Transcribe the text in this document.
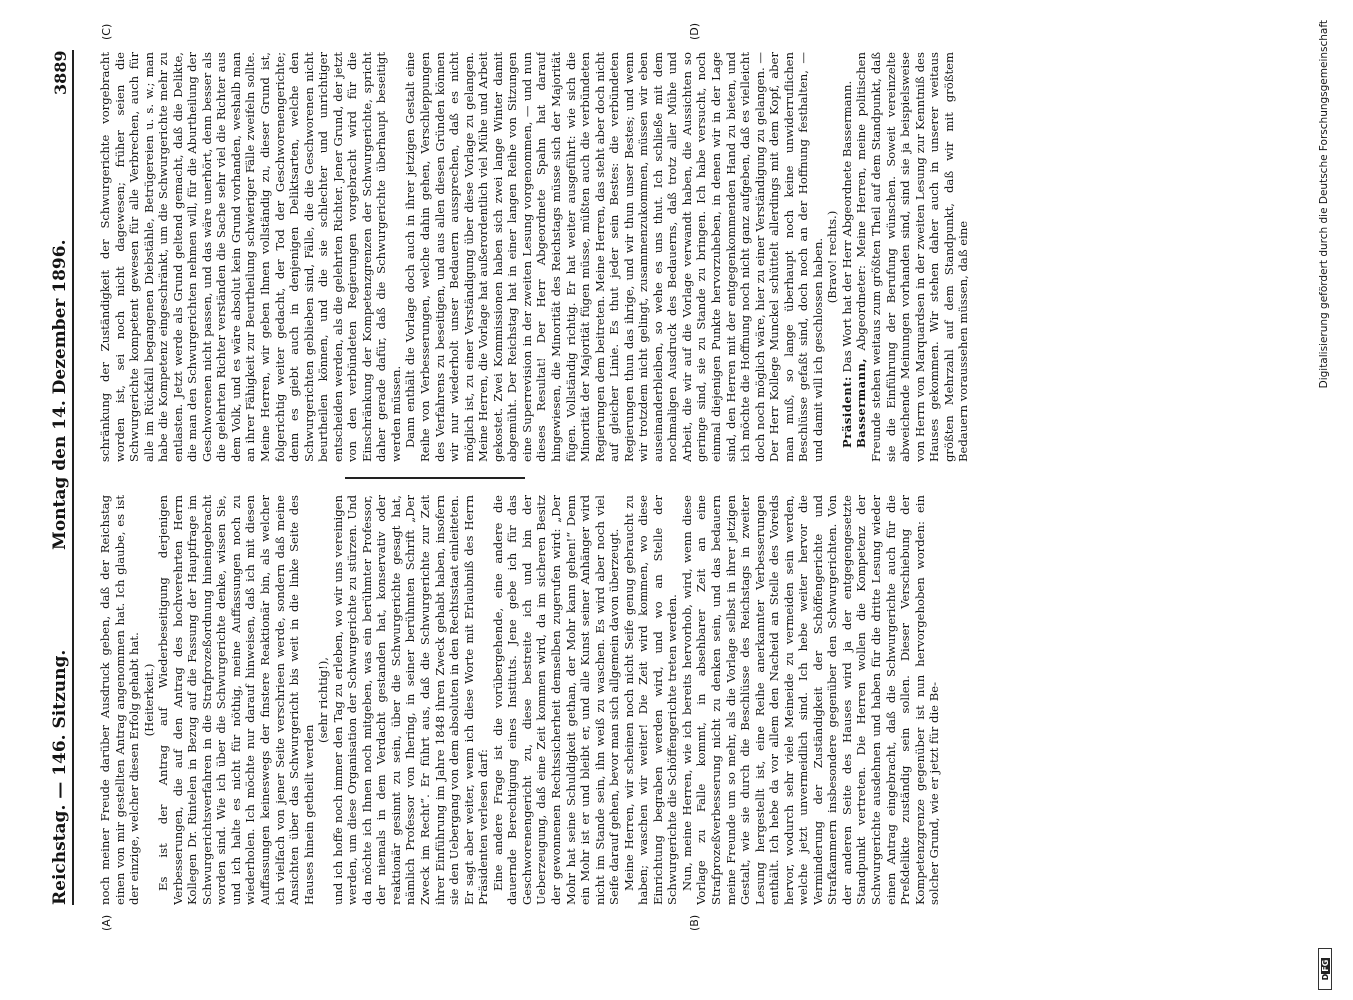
Reichstag. — 146. Sitzung.
Montag den 14. Dezember 1896.
3889
(A)	(B)
(C)	(D)

noch meiner Freude darüber Ausdruck geben, daß der Reichstag einen von mir gestellten Antrag angenommen hat. Ich glaube, es ist der einzige, welcher diesen Erfolg gehabt hat. (Heiterkeit.) Es ist der Antrag auf Wiederbeseitigung derjenigen Verbesserungen, die auf den Antrag des hochverehrten Herrn Kollegen Dr. Rintelen in Bezug auf die Fassung der Hauptfrage im Schwurgerichtsverfahren in die Strafprozeßordnung hineingebracht worden sind. Wie ich über die Schwurgerichte denke, wissen Sie, und ich halte es nicht für nöthig, meine Auffassungen noch zu wiederholen. Ich möchte nur darauf hinweisen, daß ich mit diesen Auffassungen keineswegs der finstere Reaktionär bin, als welcher ich vielfach von jener Seite verschrieen werde, sondern daß meine Ansichten über das Schwurgericht bis weit in die linke Seite des Hauses hinein getheilt werden

(sehr richtig!), und ich hoffe noch immer den Tag zu erleben, wo wir uns vereinigen werden, um diese Organisation der Schwurgerichte zu stürzen. Und da möchte ich Ihnen noch mitgeben, was ein berühmter Professor, der niemals in dem Verdacht gestanden hat, konservativ oder reaktionär gesinnt zu sein, über die Schwurgerichte gesagt hat, nämlich Professor von Ihering, in seiner berühmten Schrift „Der Zweck im Recht“. Er führt aus, daß die Schwurgerichte zur Zeit ihrer Einführung im Jahre 1848 ihren Zweck gehabt haben, insofern sie den Uebergang von dem absoluten in den Rechtsstaat einleiteten. Er sagt aber weiter, wenn ich diese Worte mit Erlaubniß des Herrn Präsidenten verlesen darf: Eine andere Frage ist die vorübergehende, eine andere die dauernde Berechtigung eines Instituts. Jene gebe ich für das Geschworenengericht zu, diese bestreite ich und bin der Ueberzeugung, daß eine Zeit kommen wird, da im sicheren Besitz der gewonnenen Rechtssicherheit demselben zugerufen wird: „Der Mohr hat seine Schuldigkeit gethan, der Mohr kann gehen!“ Denn ein Mohr ist er und bleibt er, und alle Kunst seiner Anhänger wird nicht im Stande sein, ihn weiß zu waschen. Es wird aber noch viel Seife darauf gehen, bevor man sich allgemein davon überzeugt. Meine Herren, wir scheinen noch nicht Seife genug gebraucht zu haben; waschen wir weiter! Die Zeit wird kommen, wo diese Einrichtung begraben werden wird, und wo an Stelle der Schwurgerichte die Schöffengerichte treten werden. Nun, meine Herren, wie ich bereits hervorhob, wird, wenn diese Vorlage zu Falle kommt, in absehbarer Zeit an eine Strafprozeßverbesserung nicht zu denken sein, und das bedauern meine Freunde um so mehr, als die Vorlage selbst in ihrer jetzigen Gestalt, wie sie durch die Beschlüsse des Reichstags in zweiter Lesung hergestellt ist, eine Reihe anerkannter Verbesserungen enthält. Ich hebe da vor allem den Nacheid an Stelle des Voreids hervor, wodurch sehr viele Meineide zu vermeiden sein werden, welche jetzt unvermeidlich sind. Ich hebe weiter hervor die Verminderung der Zuständigkeit der Schöffengerichte und Strafkammern insbesondere gegenüber den Schwurgerichten. Von der anderen Seite des Hauses wird ja der entgegengesetzte Standpunkt vertreten. Die Herren wollen die Kompetenz der Schwurgerichte ausdehnen und haben für die dritte Lesung wieder einen Antrag eingebracht, daß die Schwurgerichte auch für die Preßdelikte zuständig sein sollen. Dieser Verschiebung der Kompetenzgrenze gegenüber ist nun hervorgehoben worden: ein solcher Grund, wie er jetzt für die Be-

schränkung der Zuständigkeit der Schwurgerichte vorgebracht worden ist, sei noch nicht dagewesen; früher seien die Schwurgerichte kompetent gewesen für alle Verbrechen, auch für alle im Rückfall begangenen Diebstähle, Betrügereien u. s. w.; man habe die Kompetenz eingeschränkt, um die Schwurgerichte mehr zu entlasten. Jetzt werde als Grund geltend gemacht, daß die Delikte, die man den Schwurgerichten nehmen will, für die Aburtheilung der Geschworenen nicht passen, und das wäre unerhört, denn besser als die gelehrten Richter verständen die Sache sehr viel die Richter aus dem Volk, und es wäre absolut kein Grund vorhanden, weshalb man an ihrer Fähigkeit zur Beurtheilung schwieriger Fälle zweifeln sollte. Meine Herren, wir geben Ihnen vollständig zu, dieser Grund ist, folgerichtig weiter gedacht, der Tod der Geschworenengerichte; denn es giebt auch in denjenigen Deliktsarten, welche den Schwurgerichten geblieben sind, Fälle, die die Geschworenen nicht beurtheilen können, und die sie schlechter und unrichtiger entscheiden werden, als die gelehrten Richter. Jener Grund, der jetzt von den verbündeten Regierungen vorgebracht wird für die Einschränkung der Kompetenzgrenzen der Schwurgerichte, spricht daher gerade dafür, daß die Schwurgerichte überhaupt beseitigt werden müssen. Dann enthält die Vorlage doch auch in ihrer jetzigen Gestalt eine Reihe von Verbesserungen, welche dahin gehen, Verschleppungen des Verfahrens zu beseitigen, und aus allen diesen Gründen können wir nur wiederholt unser Bedauern aussprechen, daß es nicht möglich ist, zu einer Verständigung über diese Vorlage zu gelangen. Meine Herren, die Vorlage hat außerordentlich viel Mühe und Arbeit gekostet. Zwei Kommissionen haben sich zwei lange Winter damit abgemüht. Der Reichstag hat in einer langen Reihe von Sitzungen eine Superrevision in der zweiten Lesung vorgenommen, — und nun dieses Resultat! Der Herr Abgeordnete Spahn hat darauf hingewiesen, die Minorität des Reichstags müsse sich der Majorität fügen. Vollständig richtig. Er hat weiter ausgeführt: wie sich die Minorität der Majorität fügen müsse, müßten auch die verbündeten Regierungen dem beitreten. Meine Herren, das steht aber doch nicht auf gleicher Linie. Es thut jeder sein Bestes: die verbündeten Regierungen thun das ihrige, und wir thun unser Bestes; und wenn wir trotzdem nicht gelingt, zusammenzukommen, müssen wir eben auseinanderbleiben, so wehe es uns thut. Ich schließe mit dem nochmaligen Ausdruck des Bedauerns, daß trotz aller Mühe und Arbeit, die wir auf die Vorlage verwandt haben, die Aussichten so geringe sind, sie zu Stande zu bringen. Ich habe versucht, noch einmal diejenigen Punkte hervorzuheben, in denen wir in der Lage sind, den Herren mit der entgegenkommenden Hand zu bieten, und ich möchte die Hoffnung noch nicht ganz aufgeben, daß es vielleicht doch noch möglich wäre, hier zu einer Verständigung zu gelangen. — Der Herr Kollege Munckel schüttelt allerdings mit dem Kopf, aber man muß, so lange überhaupt noch keine unwiderruflichen Beschlüsse gefaßt sind, doch noch an der Hoffnung festhalten, — und damit will ich geschlossen haben. (Bravo! rechts.)

Präsident: Das Wort hat der Herr Abgeordnete Bassermann.

Bassermann, Abgeordneter: Meine Herren, meine politischen Freunde stehen weitaus zum größten Theil auf dem Standpunkt, daß sie die Einführung der Berufung wünschen. Soweit vereinzelte abweichende Meinungen vorhanden sind, sind sie ja beispielsweise von Herrn von Marquardsen in der zweiten Lesung zur Kenntniß des Hauses gekommen. Wir stehen daher auch in unserer weitaus größten Mehrzahl auf dem Standpunkt, daß wir mit größtem Bedauern voraussehen müssen, daß eine

D
FG
Digitalisierung gefördert durch die Deutsche Forschungsgemeinschaft
